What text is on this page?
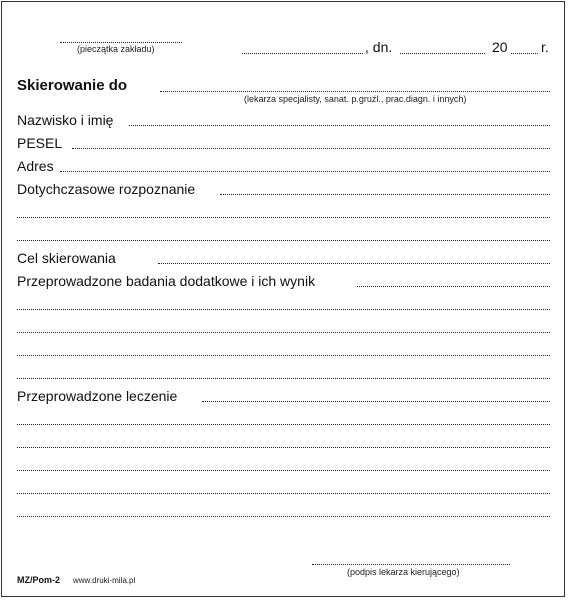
(pieczątka zakładu)	, dn.	20 r.
Skierowanie do
(lekarza specjalisty, sanat. p.gruźl., prac.diagn. i innych)
Nazwisko i imię
PESEL
Adres
Dotychczasowe rozpoznanie
Cel skierowania
Przeprowadzone badania dodatkowe i ich wynik
Przeprowadzone leczenie
(podpis lekarza kierującego)
MZ/Pom-2 www.druki-mila.pl
